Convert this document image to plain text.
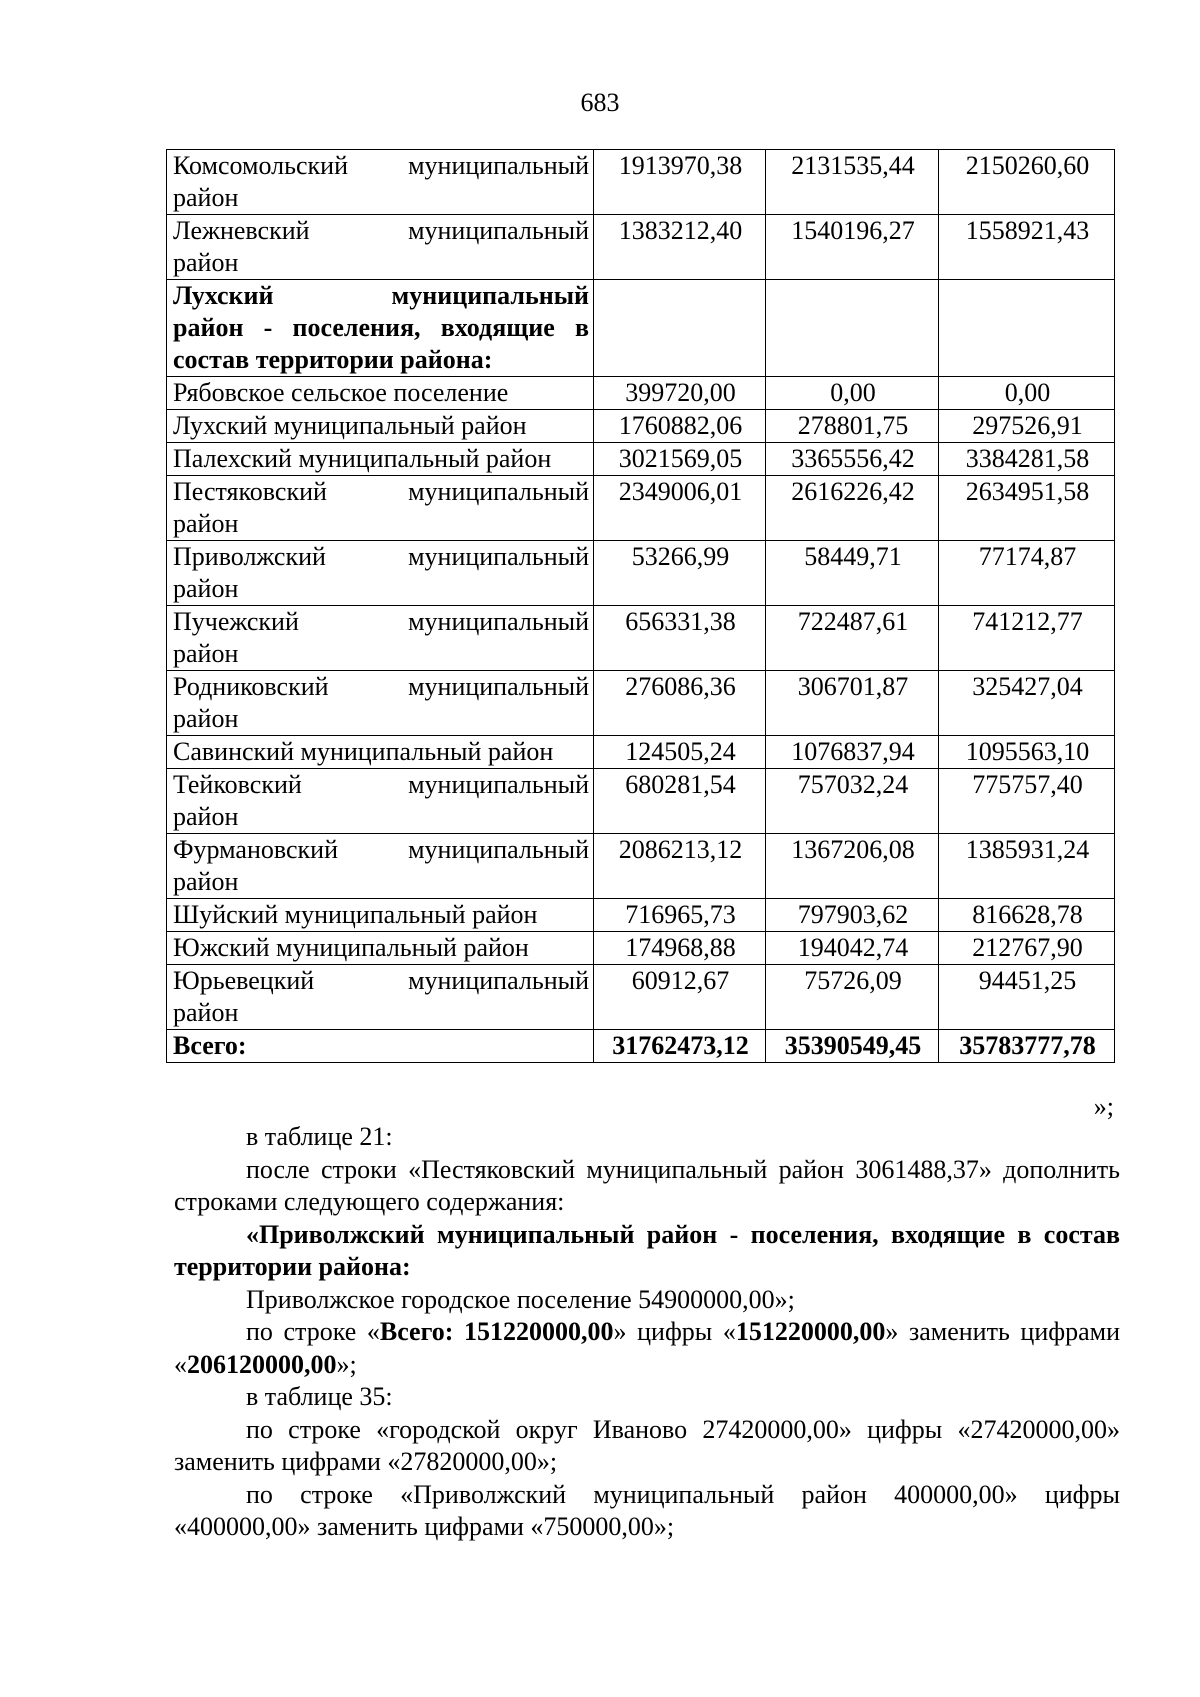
683
Комсомольский муниципальный
район	1913970,38	2131535,44	2150260,60

Лежневский муниципальный
район	1383212,40	1540196,27	1558921,43

Лухский муниципальный
район - поселения, входящие в
состав территории района:			
Рябовское сельское поселение	399720,00	0,00	0,00
Лухский муниципальный район	1760882,06	278801,75	297526,91
Палехский муниципальный район	3021569,05	3365556,42	3384281,58

Пестяковский муниципальный
район	2349006,01	2616226,42	2634951,58

Приволжский муниципальный
район	53266,99	58449,71	77174,87

Пучежский муниципальный
район	656331,38	722487,61	741212,77

Родниковский муниципальный
район	276086,36	306701,87	325427,04
Савинский муниципальный район	124505,24	1076837,94	1095563,10

Тейковский муниципальный
район	680281,54	757032,24	775757,40

Фурмановский муниципальный
район	2086213,12	1367206,08	1385931,24
Шуйский муниципальный район	716965,73	797903,62	816628,78
Южский муниципальный район	174968,88	194042,74	212767,90

Юрьевецкий муниципальный
район	60912,67	75726,09	94451,25
Всего:	31762473,12	35390549,45	35783777,78
»;

в таблице 21:

после строки «Пестяковский муниципальный район 3061488,37» дополнить строками следующего содержания:

«Приволжский муниципальный район - поселения, входящие в состав территории района:

Приволжское городское поселение 54900000,00»;

по строке «Всего: 151220000,00» цифры «151220000,00» заменить цифрами «206120000,00»;

в таблице 35:

по строке «городской округ Иваново 27420000,00» цифры «27420000,00» заменить цифрами «27820000,00»;

по строке «Приволжский муниципальный район 400000,00» цифры «400000,00» заменить цифрами «750000,00»;
